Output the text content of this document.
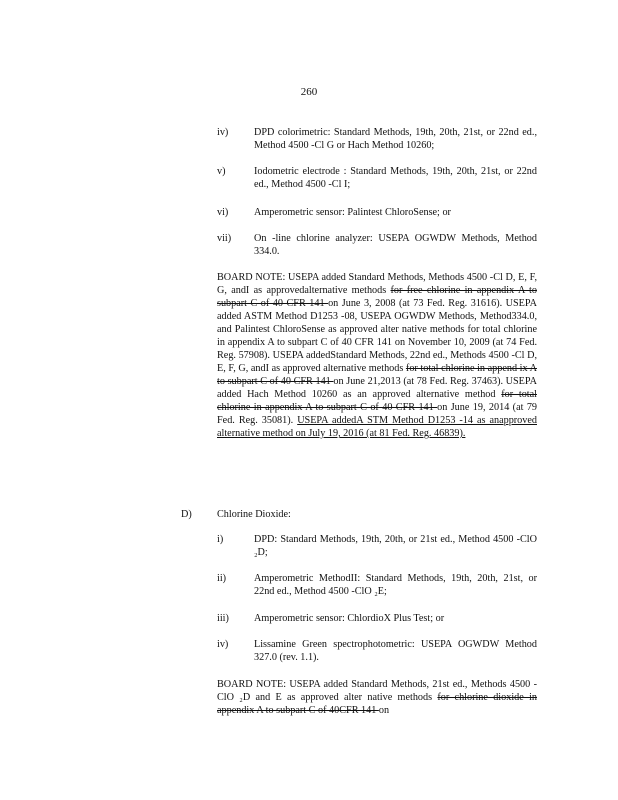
260
iv)	DPD colorimetric: Standard Methods, 19th, 20th, 21st, or 22nd ed., Method 4500 -Cl G or Hach Method 10260;
v)	Iodometric electrode : Standard Methods, 19th, 20th, 21st, or 22nd ed., Method 4500 -Cl I;
vi)	Amperometric sensor: Palintest ChloroSense; or
vii) On -line chlorine analyzer: USEPA OGWDW Methods, Method 334.0.
BOARD NOTE: USEPA added Standard Methods, Methods 4500 -Cl D, E, F, G, andI as approvedalternative methods for free chlorine in appendix A to subpart C of 40 CFR 141 on June 3, 2008 (at 73 Fed. Reg. 31616). USEPA added ASTM Method D1253 -08, USEPA OGWDW Methods, Method334.0, and Palintest ChloroSense as approved alter native methods for total chlorine in appendix A to subpart C of 40 CFR 141 on November 10, 2009 (at 74 Fed. Reg. 57908). USEPA addedStandard Methods, 22nd ed., Methods 4500 -Cl D, E, F, G, andI as approved alternative methods for total chlorine in append ix A to subpart C of 40 CFR 141 on June 21,2013 (at 78 Fed. Reg. 37463). USEPA added Hach Method 10260 as an approved alternative method for total chlorine in appendix A to subpart C of 40 CFR 141 on June 19, 2014 (at 79 Fed. Reg. 35081). USEPA addedA STM Method D1253 -14 as anapproved alternative method on July 19, 2016 (at 81 Fed. Reg. 46839).
D) Chlorine Dioxide:
i)	DPD: Standard Methods, 19th, 20th, or 21st ed., Method 4500 -ClO ₂D;
ii)	Amperometric MethodII: Standard Methods, 19th, 20th, 21st, or 22nd ed., Method 4500 -ClO ₂E;
iii) Amperometric sensor: ChlordioX Plus Test; or
iv)	Lissamine Green spectrophotometric: USEPA OGWDW Method 327.0 (rev. 1.1).
BOARD NOTE: USEPA added Standard Methods, 21st ed., Methods 4500 -ClO ₂D and E as approved alter native methods for chlorine dioxide in appendix A to subpart C of 40CFR 141 on
